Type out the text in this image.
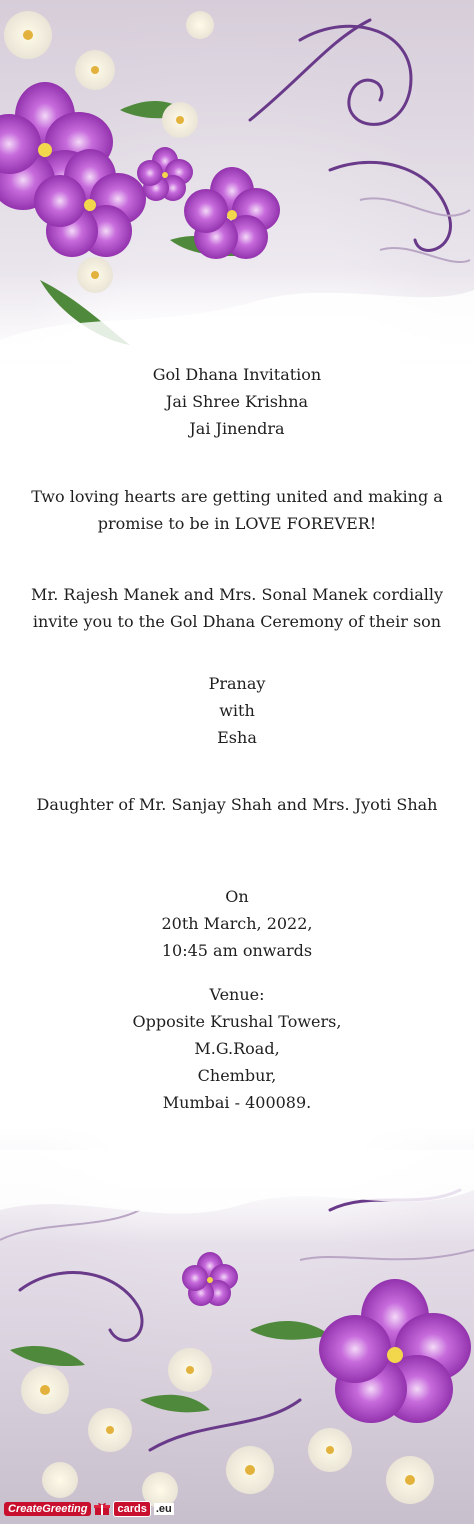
Gol Dhana Invitation
Jai Shree Krishna
Jai Jinendra
Two loving hearts are getting united and making a
promise to be in LOVE FOREVER!
Mr. Rajesh Manek and Mrs. Sonal Manek cordially
invite you to the Gol Dhana Ceremony of their son
Pranay
with
Esha
Daughter of Mr. Sanjay Shah and Mrs. Jyoti Shah
On
20th March, 2022,
10:45 am onwards
Venue:
Opposite Krushal Towers,
M.G.Road,
Chembur,
Mumbai - 400089.
CreateGreeting	cards .eu
